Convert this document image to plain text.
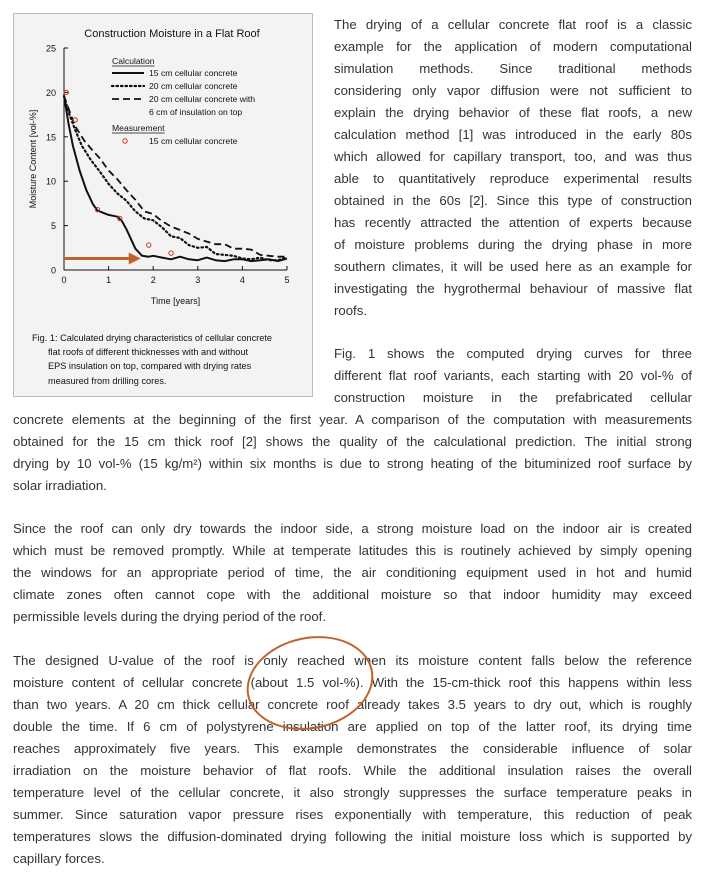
Construction Moisture in a Flat Roof
0
5
10
15
20
25
0	1	2	3	4	5
Time [years]
Moisture Content [vol-%]
Calculation
15 cm cellular concrete
20 cm cellular concrete
20 cm cellular concrete with
6 cm of insulation on top
Measurement
15 cm cellular concrete
Fig. 1: Calculated drying characteristics of cellular concrete
flat roofs of different thicknesses with and without
EPS insulation on top, compared with drying rates
measured from drilling cores.
The drying of a cellular concrete flat roof is a classic
example for the application of modern computational
simulation methods. Since traditional methods
considering only vapor diffusion were not sufficient to
explain the drying behavior of these flat roofs, a new
calculation method [1] was introduced in the early 80s
which allowed for capillary transport, too, and was thus
able to quantitatively reproduce experimental results
obtained in the 60s [2]. Since this type of construction
has recently attracted the attention of experts because
of moisture problems during the drying phase in more
southern climates, it will be used here as an example for
investigating the hygrothermal behaviour of massive flat
roofs.
Fig. 1 shows the computed drying curves for three
different flat roof variants, each starting with 20 vol-% of
construction moisture in the prefabricated cellular
concrete elements at the beginning of the first year. A comparison of the computation with measurements
obtained for the 15 cm thick roof [2] shows the quality of the calculational prediction. The initial strong
drying by 10 vol-% (15 kg/m²) within six months is due to strong heating of the bituminized roof surface by
solar irradiation.
Since the roof can only dry towards the indoor side, a strong moisture load on the indoor air is created
which must be removed promptly. While at temperate latitudes this is routinely achieved by simply opening
the windows for an appropriate period of time, the air conditioning equipment used in hot and humid
climate zones often cannot cope with the additional moisture so that indoor humidity may exceed
permissible levels during the drying period of the roof.
The designed U-value of the roof is only reached when its moisture content falls below the reference
moisture content of cellular concrete (about 1.5 vol-%). With the 15-cm-thick roof this happens within less
than two years. A 20 cm thick cellular concrete roof already takes 3.5 years to dry out, which is roughly
double the time. If 6 cm of polystyrene insulation are applied on top of the latter roof, its drying time
reaches approximately five years. This example demonstrates the considerable influence of solar
irradiation on the moisture behavior of flat roofs. While the additional insulation raises the overall
temperature level of the cellular concrete, it also strongly suppresses the surface temperature peaks in
summer. Since saturation vapor pressure rises exponentially with temperature, this reduction of peak
temperatures slows the diffusion-dominated drying following the initial moisture loss which is supported by
capillary forces.
